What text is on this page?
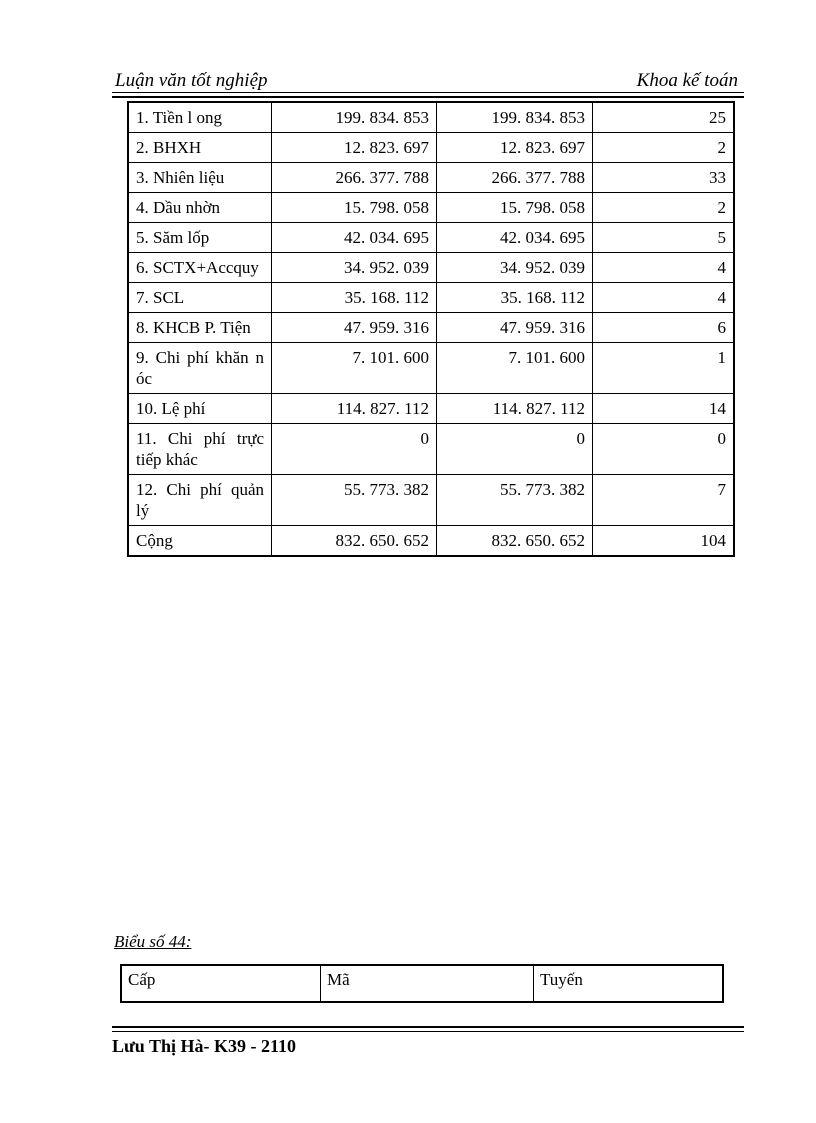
Luận văn tốt nghiệp	Khoa kế toán
1. Tiền l ong	199. 834. 853	199. 834. 853	25
2. BHXH	12. 823. 697	12. 823. 697	2
3. Nhiên liệu	266. 377. 788	266. 377. 788	33
4. Dầu nhờn	15. 798. 058	15. 798. 058	2
5. Săm lốp	42. 034. 695	42. 034. 695	5
6. SCTX+Accquy	34. 952. 039	34. 952. 039	4
7. SCL	35. 168. 112	35. 168. 112	4
8. KHCB P. Tiện	47. 959. 316	47. 959. 316	6
9. Chi phí khăn n óc	7. 101. 600	7. 101. 600	1
10. Lệ phí	114. 827. 112	114. 827. 112	14
11. Chi phí trực tiếp khác	0	0	0
12. Chi phí quản lý	55. 773. 382	55. 773. 382	7
Cộng	832. 650. 652	832. 650. 652	104
Biểu số 44:
Cấp	Mã	Tuyến
Lưu Thị Hà- K39 - 2110
